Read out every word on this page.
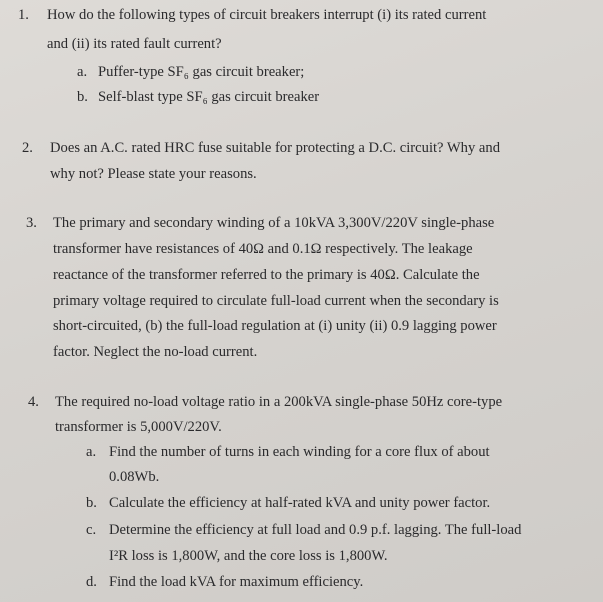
1. How do the following types of circuit breakers interrupt (i) its rated current
and (ii) its rated fault current?
a. Puffer-type SF₆ gas circuit breaker;
b. Self-blast type SF₆ gas circuit breaker
2. Does an A.C. rated HRC fuse suitable for protecting a D.C. circuit? Why and
why not? Please state your reasons.
3. The primary and secondary winding of a 10kVA 3,300V/220V single-phase
transformer have resistances of 40Ω and 0.1Ω respectively. The leakage
reactance of the transformer referred to the primary is 40Ω. Calculate the
primary voltage required to circulate full-load current when the secondary is
short-circuited, (b) the full-load regulation at (i) unity (ii) 0.9 lagging power
factor. Neglect the no-load current.
4. The required no-load voltage ratio in a 200kVA single-phase 50Hz core-type
transformer is 5,000V/220V.
a. Find the number of turns in each winding for a core flux of about
0.08Wb.
b. Calculate the efficiency at half-rated kVA and unity power factor.
c. Determine the efficiency at full load and 0.9 p.f. lagging. The full-load
I²R loss is 1,800W, and the core loss is 1,800W.
d. Find the load kVA for maximum efficiency.
